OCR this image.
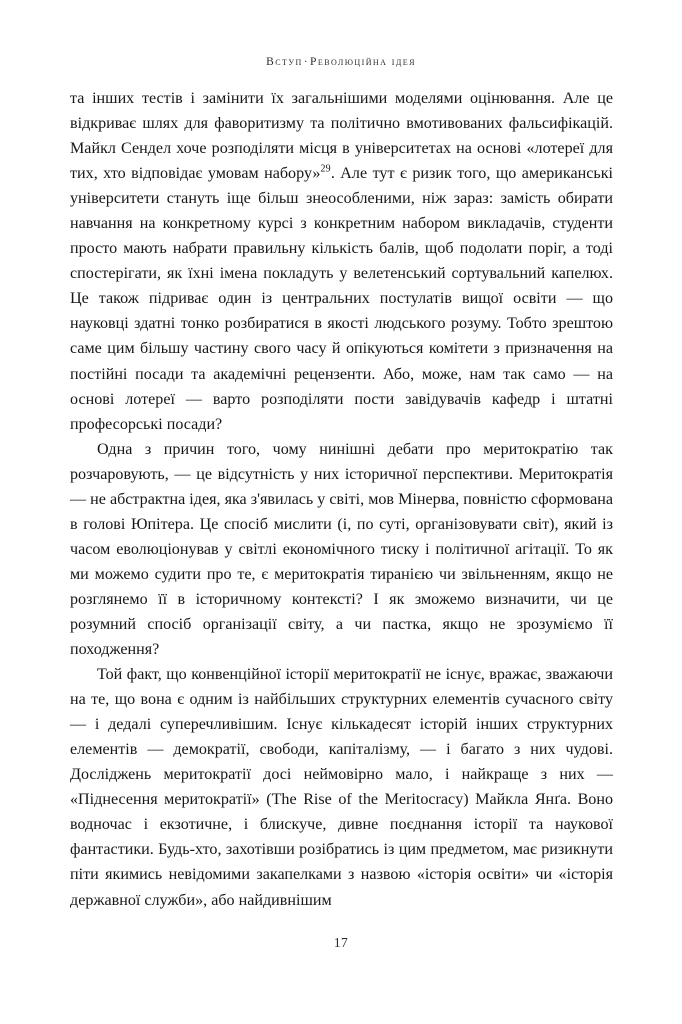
Вступ·Революційна ідея

та інших тестів і замінити їх загальнішими моделями оцінювання. Але це відкриває шлях для фаворитизму та політично вмотивованих фальсифікацій. Майкл Сендел хоче розподіляти місця в університетах на основі «лотереї для тих, хто відповідає умовам набору»$^{29}$. Але тут є ризик того, що американські університети стануть іще більш знеособленими, ніж зараз: замість обирати навчання на конкретному курсі з конкретним набором викладачів, студенти просто мають набрати правильну кількість балів, щоб подолати поріг, а тоді спостерігати, як їхні імена покладуть у велетенський сортувальний капелюх. Це також підриває один із центральних постулатів вищої освіти — що науковці здатні тонко розбиратися в якості людського розуму. Тобто зрештою саме цим більшу частину свого часу й опікуються комітети з призначення на постійні посади та академічні рецензенти. Або, може, нам так само — на основі лотереї — варто розподіляти пости завідувачів кафедр і штатні професорські посади?

Одна з причин того, чому нинішні дебати про меритократію так розчаровують, — це відсутність у них історичної перспективи. Меритократія — не абстрактна ідея, яка з'явилась у світі, мов Мінерва, повністю сформована в голові Юпітера. Це спосіб мислити (і, по суті, організовувати світ), який із часом еволюціонував у світлі економічного тиску і політичної агітації. То як ми можемо судити про те, є меритократія тиранією чи звільненням, якщо не розглянемо її в історичному контексті? І як зможемо визначити, чи це розумний спосіб організації світу, а чи пастка, якщо не зрозуміємо її походження?

Той факт, що конвенційної історії меритократії не існує, вражає, зважаючи на те, що вона є одним із найбільших структурних елементів сучасного світу — і дедалі суперечливішим. Існує кількадесят історій інших структурних елементів — демократії, свободи, капіталізму, — і багато з них чудові. Досліджень меритократії досі неймовірно мало, і найкраще з них — «Піднесення меритократії» (The Rise of the Meritocracy) Майкла Янґа. Воно водночас і екзотичне, і блискуче, дивне поєднання історії та наукової фантастики. Будь-хто, захотівши розібратись із цим предметом, має ризикнути піти якимись невідомими закапелками з назвою «історія освіти» чи «історія державної служби», або найдивнішим

17
